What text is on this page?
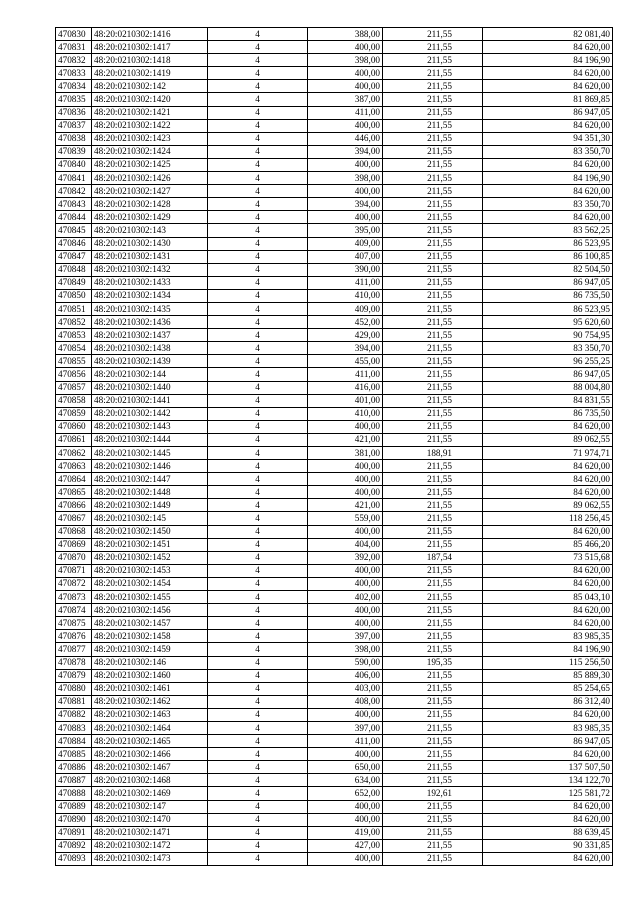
470830	48:20:0210302:1416	4	388,00	211,55	82 081,40
470831	48:20:0210302:1417	4	400,00	211,55	84 620,00
470832	48:20:0210302:1418	4	398,00	211,55	84 196,90
470833	48:20:0210302:1419	4	400,00	211,55	84 620,00
470834	48:20:0210302:142	4	400,00	211,55	84 620,00
470835	48:20:0210302:1420	4	387,00	211,55	81 869,85
470836	48:20:0210302:1421	4	411,00	211,55	86 947,05
470837	48:20:0210302:1422	4	400,00	211,55	84 620,00
470838	48:20:0210302:1423	4	446,00	211,55	94 351,30
470839	48:20:0210302:1424	4	394,00	211,55	83 350,70
470840	48:20:0210302:1425	4	400,00	211,55	84 620,00
470841	48:20:0210302:1426	4	398,00	211,55	84 196,90
470842	48:20:0210302:1427	4	400,00	211,55	84 620,00
470843	48:20:0210302:1428	4	394,00	211,55	83 350,70
470844	48:20:0210302:1429	4	400,00	211,55	84 620,00
470845	48:20:0210302:143	4	395,00	211,55	83 562,25
470846	48:20:0210302:1430	4	409,00	211,55	86 523,95
470847	48:20:0210302:1431	4	407,00	211,55	86 100,85
470848	48:20:0210302:1432	4	390,00	211,55	82 504,50
470849	48:20:0210302:1433	4	411,00	211,55	86 947,05
470850	48:20:0210302:1434	4	410,00	211,55	86 735,50
470851	48:20:0210302:1435	4	409,00	211,55	86 523,95
470852	48:20:0210302:1436	4	452,00	211,55	95 620,60
470853	48:20:0210302:1437	4	429,00	211,55	90 754,95
470854	48:20:0210302:1438	4	394,00	211,55	83 350,70
470855	48:20:0210302:1439	4	455,00	211,55	96 255,25
470856	48:20:0210302:144	4	411,00	211,55	86 947,05
470857	48:20:0210302:1440	4	416,00	211,55	88 004,80
470858	48:20:0210302:1441	4	401,00	211,55	84 831,55
470859	48:20:0210302:1442	4	410,00	211,55	86 735,50
470860	48:20:0210302:1443	4	400,00	211,55	84 620,00
470861	48:20:0210302:1444	4	421,00	211,55	89 062,55
470862	48:20:0210302:1445	4	381,00	188,91	71 974,71
470863	48:20:0210302:1446	4	400,00	211,55	84 620,00
470864	48:20:0210302:1447	4	400,00	211,55	84 620,00
470865	48:20:0210302:1448	4	400,00	211,55	84 620,00
470866	48:20:0210302:1449	4	421,00	211,55	89 062,55
470867	48:20:0210302:145	4	559,00	211,55	118 256,45
470868	48:20:0210302:1450	4	400,00	211,55	84 620,00
470869	48:20:0210302:1451	4	404,00	211,55	85 466,20
470870	48:20:0210302:1452	4	392,00	187,54	73 515,68
470871	48:20:0210302:1453	4	400,00	211,55	84 620,00
470872	48:20:0210302:1454	4	400,00	211,55	84 620,00
470873	48:20:0210302:1455	4	402,00	211,55	85 043,10
470874	48:20:0210302:1456	4	400,00	211,55	84 620,00
470875	48:20:0210302:1457	4	400,00	211,55	84 620,00
470876	48:20:0210302:1458	4	397,00	211,55	83 985,35
470877	48:20:0210302:1459	4	398,00	211,55	84 196,90
470878	48:20:0210302:146	4	590,00	195,35	115 256,50
470879	48:20:0210302:1460	4	406,00	211,55	85 889,30
470880	48:20:0210302:1461	4	403,00	211,55	85 254,65
470881	48:20:0210302:1462	4	408,00	211,55	86 312,40
470882	48:20:0210302:1463	4	400,00	211,55	84 620,00
470883	48:20:0210302:1464	4	397,00	211,55	83 985,35
470884	48:20:0210302:1465	4	411,00	211,55	86 947,05
470885	48:20:0210302:1466	4	400,00	211,55	84 620,00
470886	48:20:0210302:1467	4	650,00	211,55	137 507,50
470887	48:20:0210302:1468	4	634,00	211,55	134 122,70
470888	48:20:0210302:1469	4	652,00	192,61	125 581,72
470889	48:20:0210302:147	4	400,00	211,55	84 620,00
470890	48:20:0210302:1470	4	400,00	211,55	84 620,00
470891	48:20:0210302:1471	4	419,00	211,55	88 639,45
470892	48:20:0210302:1472	4	427,00	211,55	90 331,85
470893	48:20:0210302:1473	4	400,00	211,55	84 620,00
